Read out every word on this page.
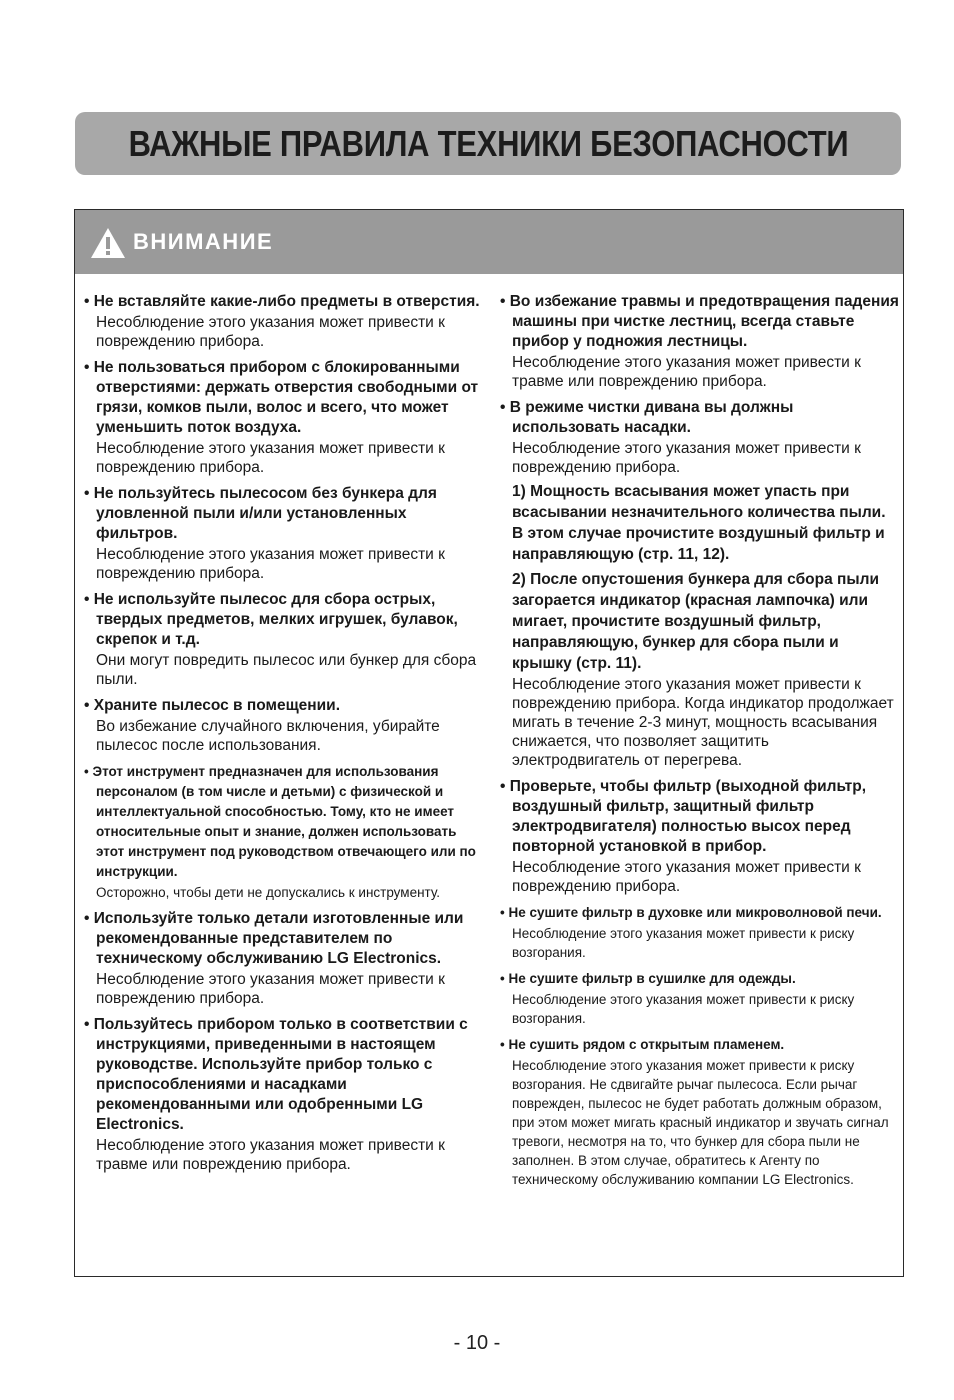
ВАЖНЫЕ ПРАВИЛА ТЕХНИКИ БЕЗОПАСНОСТИ
ВНИМАНИЕ
• Не вставляйте какие-либо предметы в отверстия.
Несоблюдение этого указания может привести к повреждению прибора.
• Не пользоваться прибором с блокированными отверстиями: держать отверстия свободными от грязи, комков пыли, волос и всего, что может уменьшить поток воздуха.
Несоблюдение этого указания может привести к повреждению прибора.
• Не пользуйтесь пылесосом без бункера для уловленной пыли и/или установленных фильтров.
Несоблюдение этого указания может привести к повреждению прибора.
• Не используйте пылесос для сбора острых, твердых предметов, мелких игрушек, булавок, скрепок и т.д.
Они могут повредить пылесос или бункер для сбора пыли.
• Храните пылесос в помещении.
Во избежание случайного включения, убирайте пылесос после использования.
• Этот инструмент предназначен для использования персоналом (в том числе и детьми) с физической и интеллектуальной способностью. Тому, кто не имеет относительные опыт и знание, должен использовать этот инструмент под руководством отвечающего или по инструкции.
Осторожно, чтобы дети не допускались к инструменту.
• Используйте только детали изготовленные или рекомендованные представителем по техническому обслуживанию LG Electronics.
Несоблюдение этого указания может привести к повреждению прибора.
• Пользуйтесь прибором только в соответствии с инструкциями, приведенными в настоящем руководстве. Используйте прибор только с приспособлениями и насадками рекомендованными или одобренными LG Electronics.
Несоблюдение этого указания может привести к травме или повреждению прибора.
• Во избежание травмы и предотвращения падения машины при чистке лестниц, всегда ставьте прибор у подножия лестницы.
Несоблюдение этого указания может привести к травме или повреждению прибора.
• В режиме чистки дивана вы должны использовать насадки.
Несоблюдение этого указания может привести к повреждению прибора.
1) Мощность всасывания может упасть при всасывании незначительного количества пыли. В этом случае прочистите воздушный фильтр и направляющую (стр. 11, 12).
2) После опустошения бункера для сбора пыли загорается индикатор (красная лампочка) или мигает, прочистите воздушный фильтр, направляющую, бункер для сбора пыли и крышку (стр. 11).
Несоблюдение этого указания может привести к повреждению прибора. Когда индикатор продолжает мигать в течение 2-3 минут, мощность всасывания снижается, что позволяет защитить электродвигатель от перегрева.
• Проверьте, чтобы фильтр (выходной фильтр, воздушный фильтр, защитный фильтр электродвигателя) полностью высох перед повторной установкой в прибор.
Несоблюдение этого указания может привести к повреждению прибора.
• Не сушите фильтр в духовке или микроволновой печи.
Несоблюдение этого указания может привести к риску возгорания.
• Не сушите фильтр в сушилке для одежды.
Несоблюдение этого указания может привести к риску возгорания.
• Не сушить рядом с открытым пламенем.
Несоблюдение этого указания может привести к риску возгорания. Не сдвигайте рычаг пылесоса. Если рычаг поврежден, пылесос не будет работать должным образом, при этом может мигать красный индикатор и звучать сигнал тревоги, несмотря на то, что бункер для сбора пыли не заполнен. В этом случае, обратитесь к Агенту по техническому обслуживанию компании LG Electronics.
- 10 -
